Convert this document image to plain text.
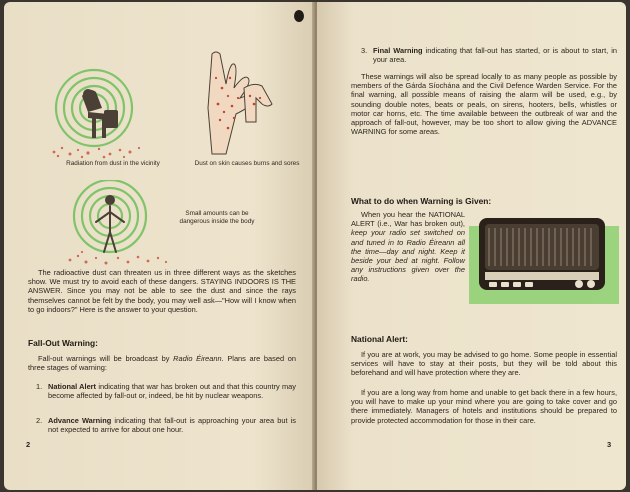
Radiation from dust in the vicinity	Dust on skin causes burns and sores
Small amounts can be dangerous inside the body

The radioactive dust can threaten us in three different ways as the sketches show. We must try to avoid each of these dangers. STAYING INDOORS IS THE ANSWER. Since you may not be able to see the dust and since the rays themselves cannot be felt by the body, you may well ask—"How will I know when to go indoors?" Here is the answer to your question.

Fall-Out Warning:

Fall-out warnings will be broadcast by Radio Éireann. Plans are based on three stages of warning:

1. National Alert indicating that war has broken out and that this country may become affected by fall-out or, indeed, be hit by nuclear weapons.
2. Advance Warning indicating that fall-out is approaching your area but is not expected to arrive for about one hour.
2
3. Final Warning indicating that fall-out has started, or is about to start, in your area.

These warnings will also be spread locally to as many people as possible by members of the Gárda Síochána and the Civil Defence Warden Service. For the final warning, all possible means of raising the alarm will be used, e.g., by sounding double notes, beats or peals, on sirens, hooters, bells, whistles or motor car horns, etc. The time available between the outbreak of war and the approach of fall-out, however, may be too short to allow giving the ADVANCE WARNING for some areas.

What to do when Warning is Given:

When you hear the NATIONAL ALERT (i.e., War has broken out), keep your radio set switched on and tuned in to Radio Éireann all the time—day and night. Keep it beside your bed at night. Follow any instructions given over the radio.

National Alert:

If you are at work, you may be advised to go home. Some people in essential services will have to stay at their posts, but they will be told about this beforehand and will have protection where they are.

If you are a long way from home and unable to get back there in a few hours, you will have to make up your mind where you are going to take cover and go there immediately. Managers of hotels and institutions should be prepared to provide protected accommodation for those in their care.

3
